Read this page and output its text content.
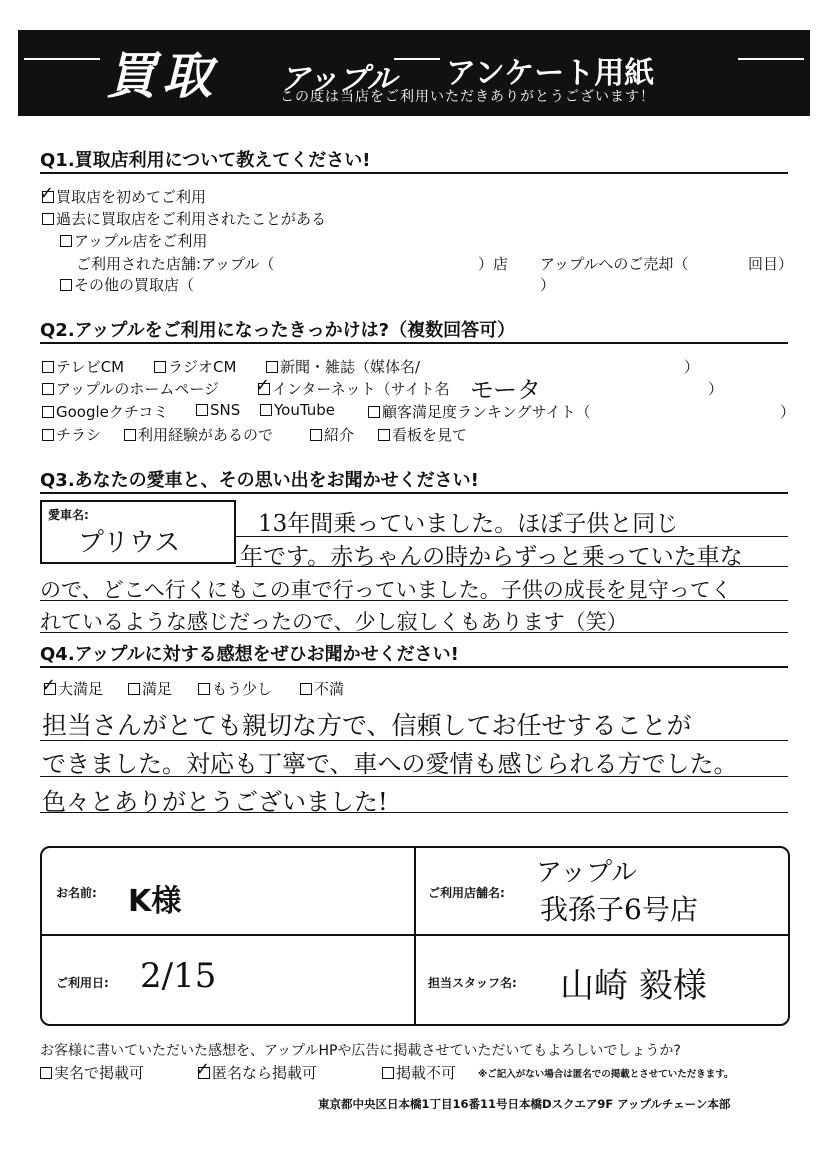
買取 アップル アンケート用紙
この度は当店をご利用いただきありがとうございます！
Q1.買取店利用について教えてください!
✓買取店を初めてご利用
過去に買取店をご利用されたことがある
アップル店をご利用
ご利用された店舗:アップル（	）店 アップルへのご売却（	回目）
その他の買取店（	）
Q2.アップルをご利用になったきっかけは?（複数回答可）
テレビCM	ラジオCM	新聞・雑誌（媒体名/	）
アップルのホームページ ✓	インターネット（サイト名 モータ	）
Googleクチコミ	SNS	YouTube	顧客満足度ランキングサイト（	）
チラシ	利用経験があるので	紹介	看板を見て
Q3.あなたの愛車と、その思い出をお聞かせください!
愛車名:
プリウス
13年間乗っていました。ほぼ子供と同じ
年です。赤ちゃんの時からずっと乗っていた車な
ので、どこへ行くにもこの車で行っていました。子供の成長を見守ってく
れているような感じだったので、少し寂しくもあります（笑）
Q4.アップルに対する感想をぜひお聞かせください!
✓大満足	満足	もう少し	不満
担当さんがとても親切な方で、信頼してお任せすることが
できました。対応も丁寧で、車への愛情も感じられる方でした。
色々とありがとうございました!
お名前: K様	ご利用店舗名:
アップル
我孫子6号店
ご利用日: 2/15	担当スタッフ名: 山崎 毅様
お客様に書いていただいた感想を、アップルHPや広告に掲載させていただいてもよろしいでしょうか?
実名で掲載可 ✓	匿名なら掲載可	掲載不可 ※ご記入がない場合は匿名での掲載とさせていただきます。
東京都中央区日本橋1丁目16番11号日本橋Dスクエア9F アップルチェーン本部
